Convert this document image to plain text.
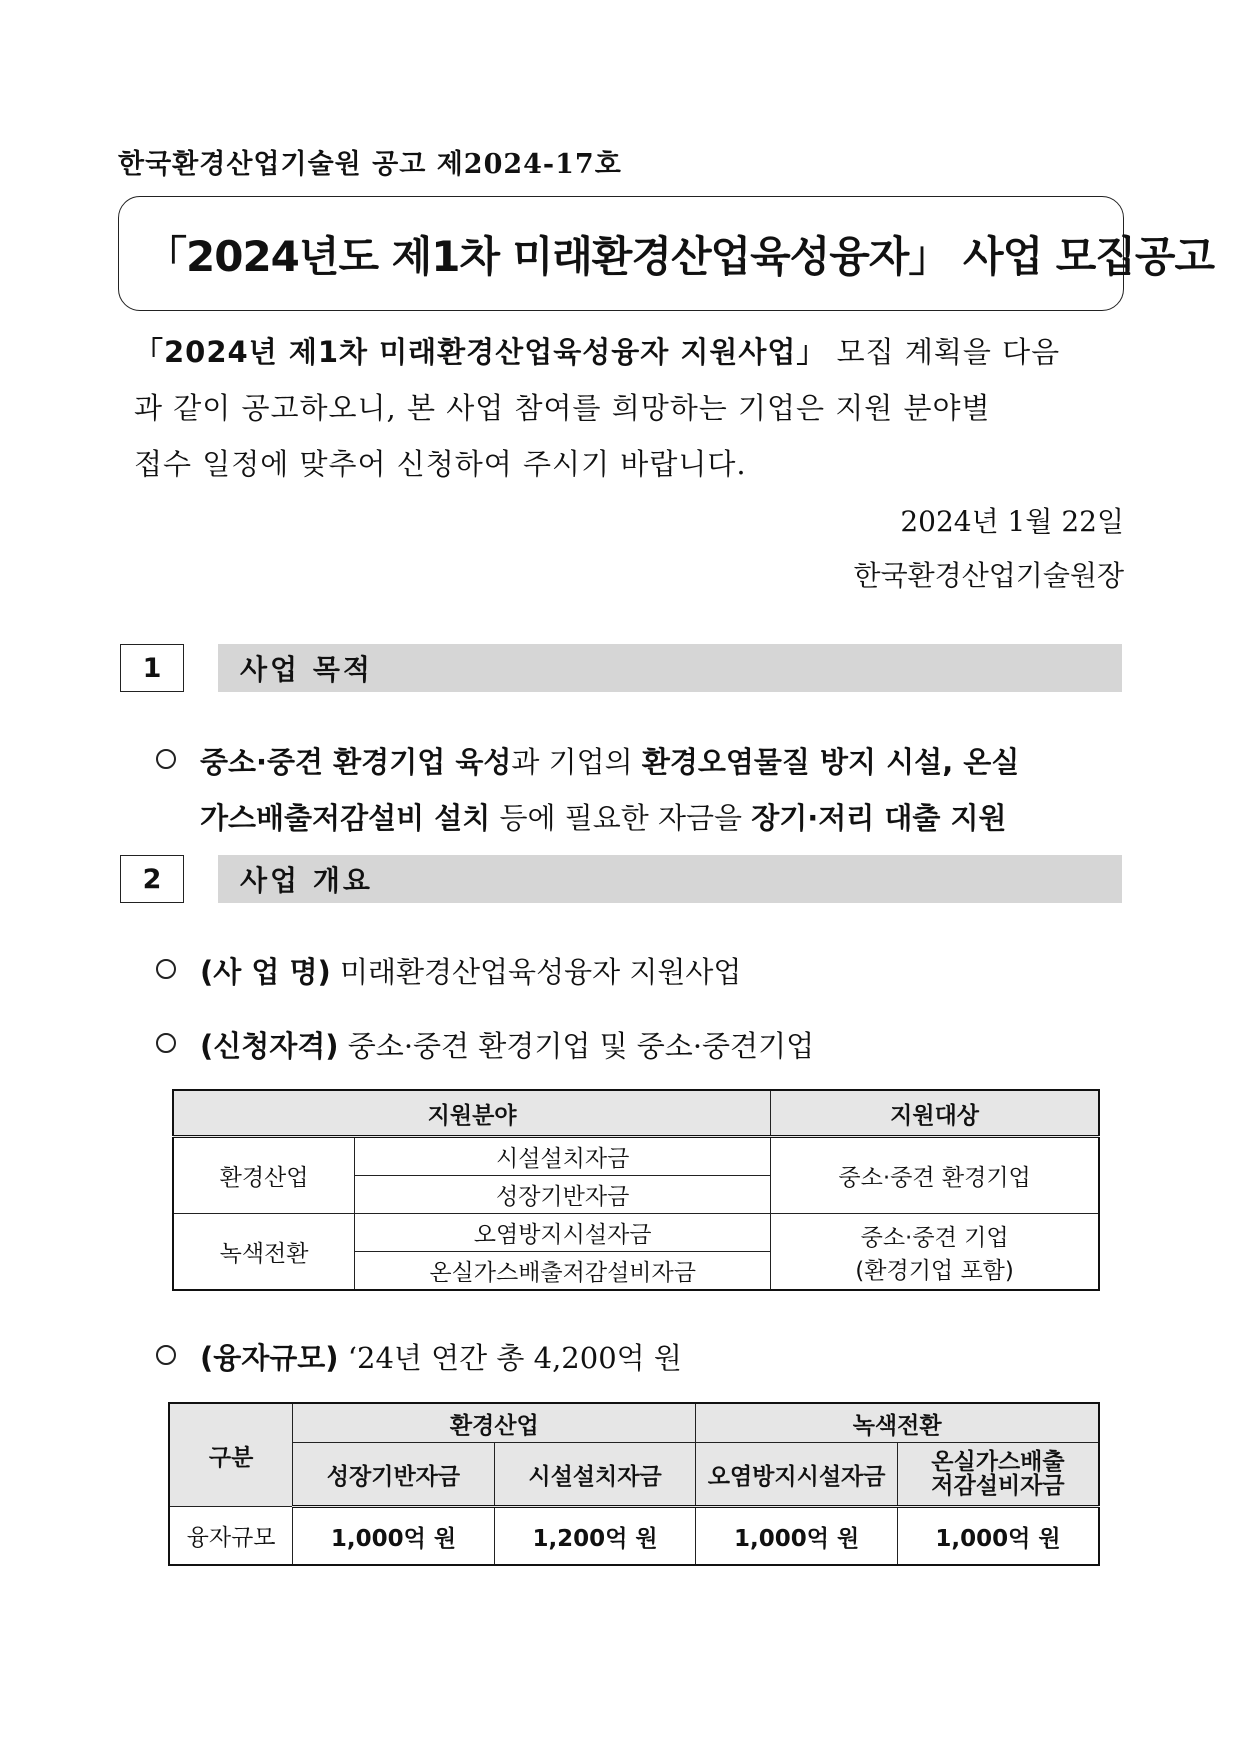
한국환경산업기술원 공고 제2024-17호
「2024년도 제1차 미래환경산업육성융자」 사업 모집공고
「2024년 제1차 미래환경산업육성융자 지원사업」 모집 계획을 다음
과 같이 공고하오니, 본 사업 참여를 희망하는 기업은 지원 분야별
접수 일정에 맞추어 신청하여 주시기 바랍니다.
2024년 1월 22일
한국환경산업기술원장
1	사업 목적
중소·중견 환경기업 육성과 기업의 환경오염물질 방지 시설, 온실
가스배출저감설비 설치 등에 필요한 자금을 장기·저리 대출 지원
2	사업 개요
(사 업 명) 미래환경산업육성융자 지원사업
(신청자격) 중소·중견 환경기업 및 중소·중견기업
지원분야		지원대상
환경산업	시설설치자금	중소·중견 환경기업
	성장기반자금	
녹색전환	오염방지시설자금	중소·중견 기업
(환경기업 포함)

	온실가스배출저감설비자금	
(융자규모) ‘24년 연간 총 4,200억 원
구분	환경산업		녹색전환	
	성장기반자금	시설설치자금	오염방지시설자금	온실가스배출
저감설비자금

융자규모	1,000억 원	1,200억 원	1,000억 원	1,000억 원
